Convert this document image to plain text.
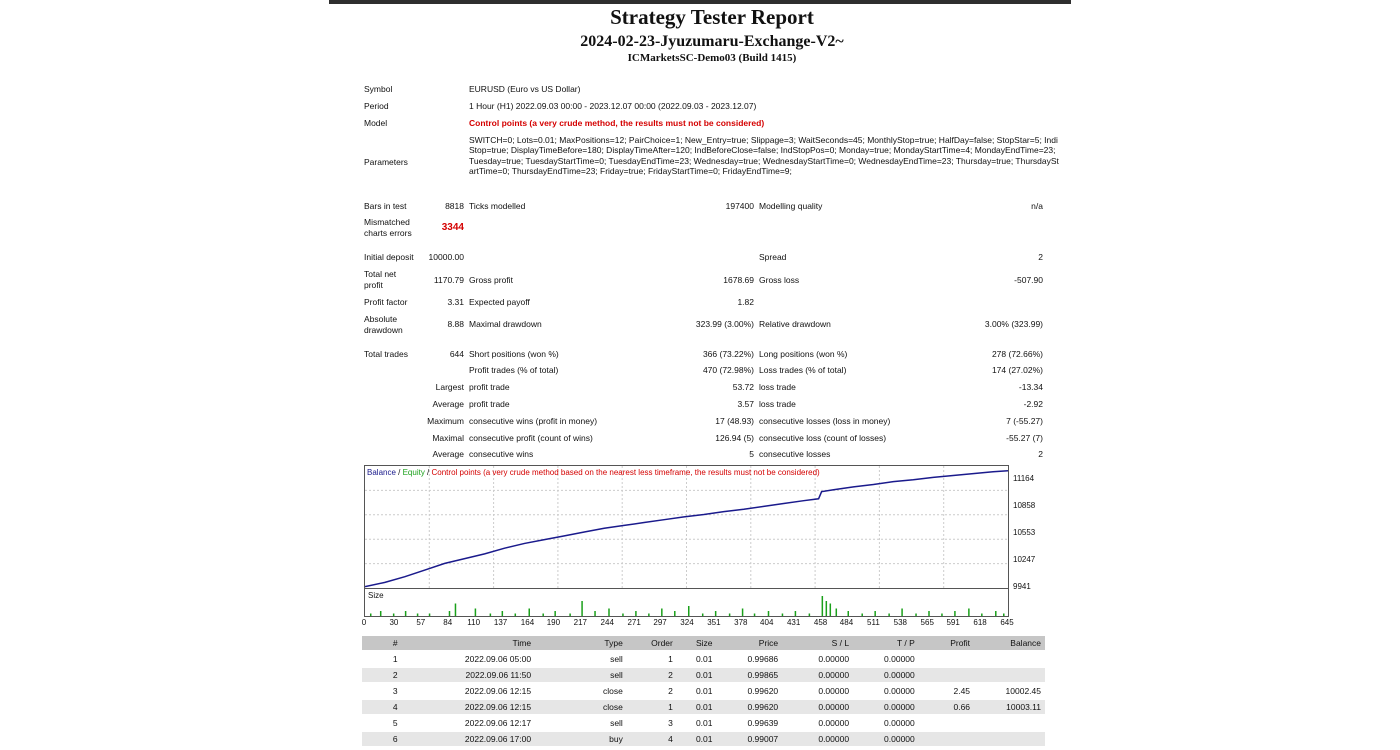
Strategy Tester Report
2024-02-23-Jyuzumaru-Exchange-V2~
ICMarketsSC-Demo03 (Build 1415)
Symbol	EURUSD (Euro vs US Dollar)
Period	1 Hour (H1) 2022.09.03 00:00 - 2023.12.07 00:00 (2022.09.03 - 2023.12.07)
Model	Control points (a very crude method, the results must not be considered)
Parameters
SWITCH=0; Lots=0.01; MaxPositions=12; PairChoice=1; New_Entry=true; Slippage=3; WaitSeconds=45; MonthlyStop=true; HalfDay=false; StopStar=5; IndiStop=true; DisplayTimeBefore=180; DisplayTimeAfter=120; IndBeforeClose=false; IndStopPos=0; Monday=true; MondayStartTime=4; MondayEndTime=23; Tuesday=true; TuesdayStartTime=0; TuesdayEndTime=23; Wednesday=true; WednesdayStartTime=0; WednesdayEndTime=23; Thursday=true; ThursdayStartTime=0; ThursdayEndTime=23; Friday=true; FridayStartTime=0; FridayEndTime=9;
Bars in test	8818 Ticks modelled	197400 Modelling quality	n/a
Mismatched
charts errors	3344
Initial deposit	10000.00	Spread	2
Total net
profit	1170.79 Gross profit	1678.69 Gross loss	-507.90
Profit factor	3.31 Expected payoff	1.82
Absolute
drawdown
8.88 Maximal drawdown	323.99 (3.00%) Relative drawdown	3.00% (323.99)
Total trades	644 Short positions (won %)	366 (73.22%) Long positions (won %)	278 (72.66%)
Profit trades (% of total)	470 (72.98%) Loss trades (% of total)	174 (27.02%)
Largest profit trade	53.72 loss trade	-13.34
Average profit trade	3.57 loss trade	-2.92
Maximum consecutive wins (profit in money)	17 (48.93) consecutive losses (loss in money)	7 (-55.27)
Maximal consecutive profit (count of wins)	126.94 (5) consecutive loss (count of losses)	-55.27 (7)
Average consecutive wins	5 consecutive losses	2
Balance / Equity / Control points (a very crude method based on the nearest less timeframe, the results must not be considered)
Size
11164
10858
10553
10247
9941
0	30	57	84	110	137	164	190	217	244	271	297	324	351	378	404	431	458	484	511	538	565	591	618	645
#	Time	Type	Order	Size	Price	S / L	T / P	Profit	Balance
1	2022.09.06 05:00	sell	1	0.01	0.99686	0.00000	0.00000		
2	2022.09.06 11:50	sell	2	0.01	0.99865	0.00000	0.00000		
3	2022.09.06 12:15	close	2	0.01	0.99620	0.00000	0.00000	2.45	10002.45
4	2022.09.06 12:15	close	1	0.01	0.99620	0.00000	0.00000	0.66	10003.11
5	2022.09.06 12:17	sell	3	0.01	0.99639	0.00000	0.00000		
6	2022.09.06 17:00	buy	4	0.01	0.99007	0.00000	0.00000		
